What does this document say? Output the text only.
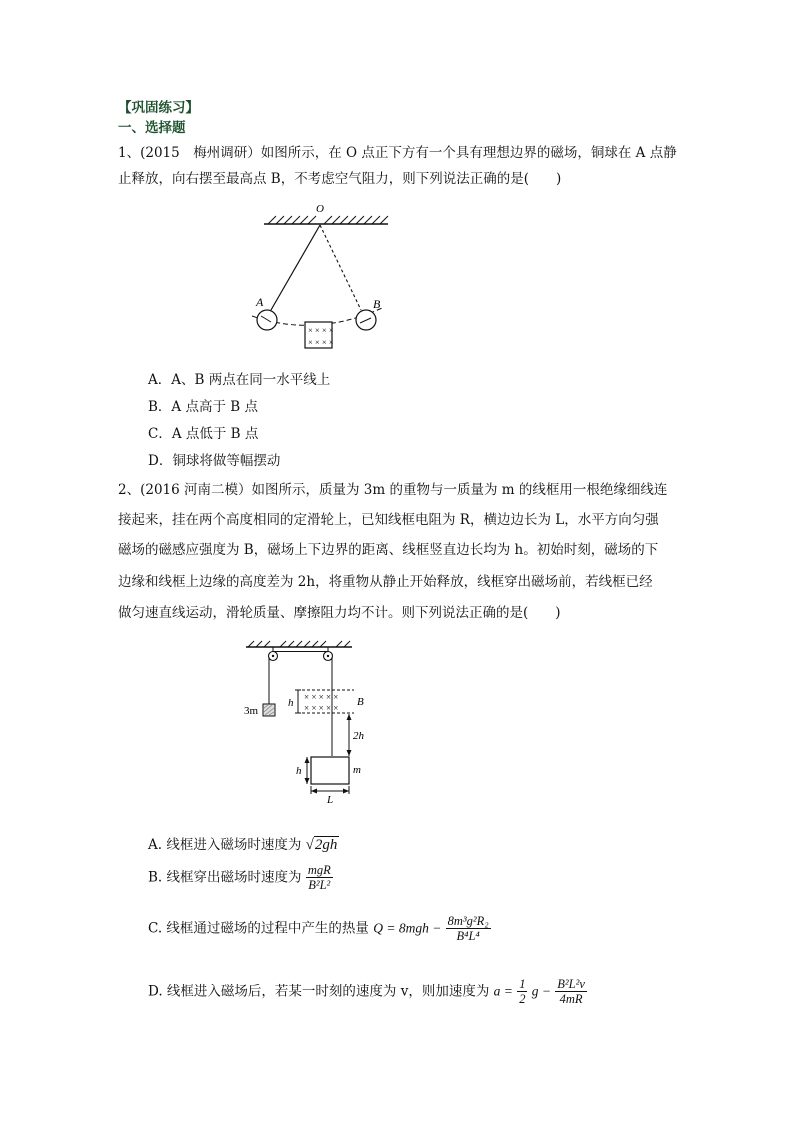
【巩固练习】
一、选择题
1、(2015　梅州调研）如图所示，在 O 点正下方有一个具有理想边界的磁场，铜球在 A 点静
止释放，向右摆至最高点 B，不考虑空气阻力，则下列说法正确的是(　　)
O
A	B
× × × ×
× × × ×
A．A、B 两点在同一水平线上
B．A 点高于 B 点
C．A 点低于 B 点
D．铜球将做等幅摆动
2、(2016 河南二模）如图所示，质量为 3m 的重物与一质量为 m 的线框用一根绝缘细线连
接起来，挂在两个高度相同的定滑轮上，已知线框电阻为 R，横边边长为 L，水平方向匀强
磁场的磁感应强度为 B，磁场上下边界的距离、线框竖直边长均为 h。初始时刻，磁场的下
边缘和线框上边缘的高度差为 2h，将重物从静止开始释放，线框穿出磁场前，若线框已经
做匀速直线运动，滑轮质量、摩擦阻力均不计。则下列说法正确的是(　　)
3m
× × × × ×
× × × × × B
h
2h
m
h
L
A. 线框进入磁场时速度为 √2gh
B. 线框穿出磁场时速度为 $\frac{\text{mgR}}{\text{B²L²}}$
C. 线框通过磁场的过程中产生的热量 $Q = 8mgh - \frac{\text{8m³g²R₂}}{\text{B⁴L⁴}}$
D. 线框进入磁场后，若某一时刻的速度为 v，则加速度为 $a = \frac{1}{2}$ $g - \frac{\text{B²L²v}}{4mR}$
